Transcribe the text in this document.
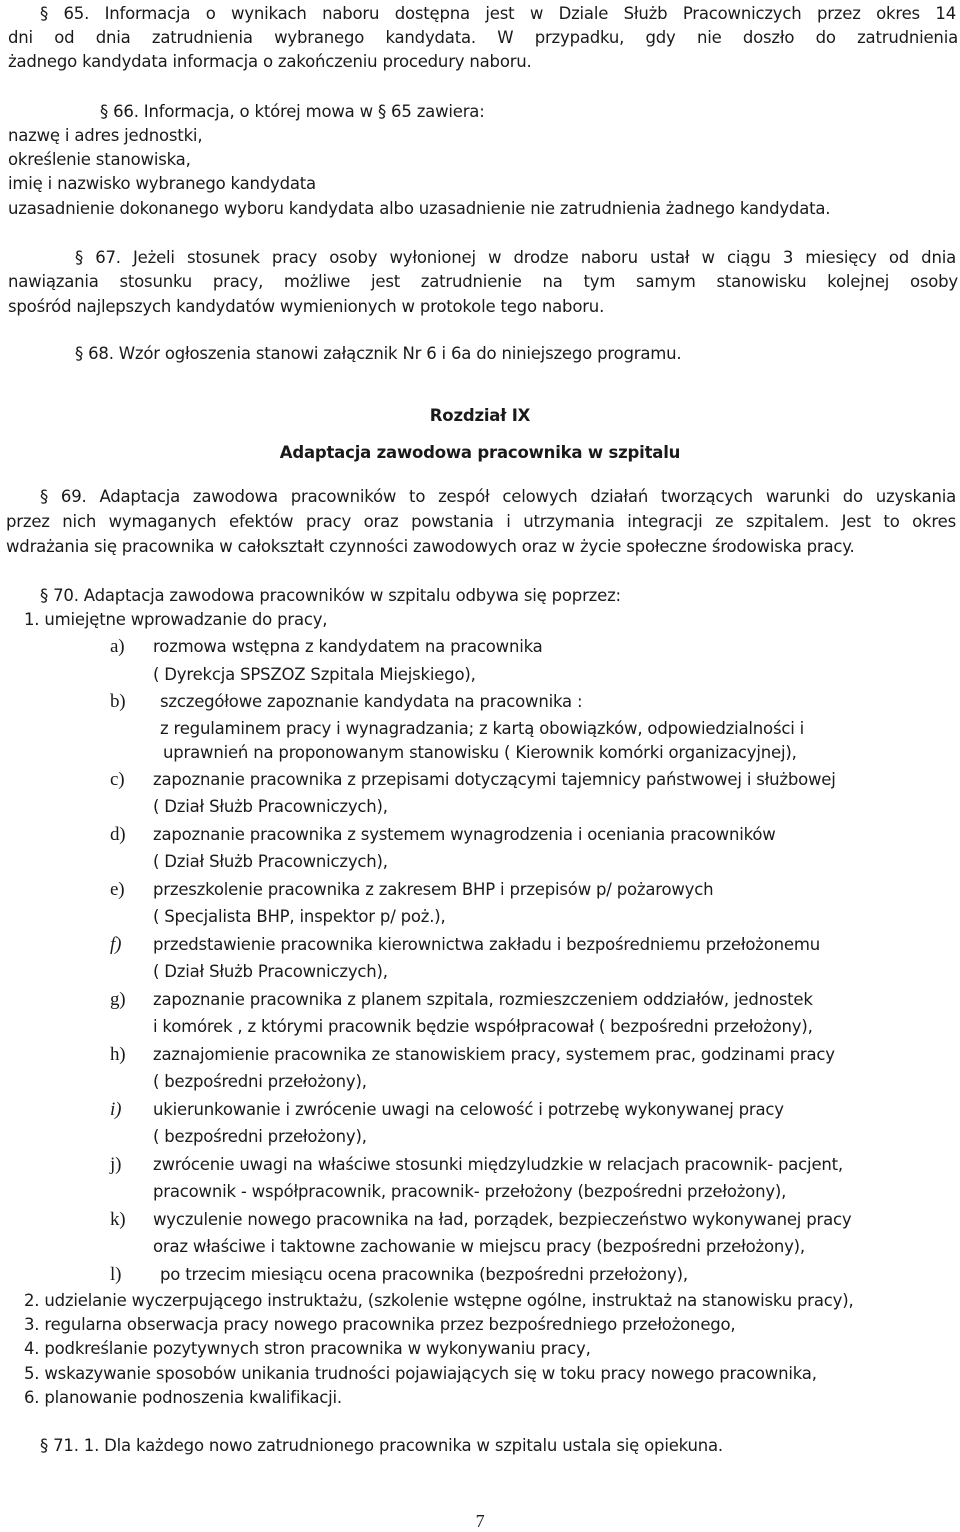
§ 65. Informacja o wynikach naboru dostępna jest w Dziale Służb Pracowniczych przez okres 14
dni od dnia zatrudnienia wybranego kandydata. W przypadku, gdy nie doszło do zatrudnienia
żadnego kandydata informacja o zakończeniu procedury naboru.
§ 66. Informacja, o której mowa w § 65 zawiera:
nazwę i adres jednostki,
określenie stanowiska,
imię i nazwisko wybranego kandydata
uzasadnienie dokonanego wyboru kandydata albo uzasadnienie nie zatrudnienia żadnego kandydata.
§ 67. Jeżeli stosunek pracy osoby wyłonionej w drodze naboru ustał w ciągu 3 miesięcy od dnia
nawiązania stosunku pracy, możliwe jest zatrudnienie na tym samym stanowisku kolejnej osoby
spośród najlepszych kandydatów wymienionych w protokole tego naboru.
§ 68. Wzór ogłoszenia stanowi załącznik Nr 6 i 6a do niniejszego programu.
Rozdział IX
Adaptacja zawodowa pracownika w szpitalu
§ 69. Adaptacja zawodowa pracowników to zespół celowych działań tworzących warunki do uzyskania
przez nich wymaganych efektów pracy oraz powstania i utrzymania integracji ze szpitalem. Jest to okres
wdrażania się pracownika w całokształt czynności zawodowych oraz w życie społeczne środowiska pracy.
§ 70. Adaptacja zawodowa pracowników w szpitalu odbywa się poprzez:
1. umiejętne wprowadzanie do pracy,
a) rozmowa wstępna z kandydatem na pracownika
( Dyrekcja SPSZOZ Szpitala Miejskiego),
b) szczegółowe zapoznanie kandydata na pracownika :
z regulaminem pracy i wynagradzania; z kartą obowiązków, odpowiedzialności i
uprawnień na proponowanym stanowisku ( Kierownik komórki organizacyjnej),
c) zapoznanie pracownika z przepisami dotyczącymi tajemnicy państwowej i służbowej
( Dział Służb Pracowniczych),
d) zapoznanie pracownika z systemem wynagrodzenia i oceniania pracowników
( Dział Służb Pracowniczych),
e) przeszkolenie pracownika z zakresem BHP i przepisów p/ pożarowych
( Specjalista BHP, inspektor p/ poż.),
f) przedstawienie pracownika kierownictwa zakładu i bezpośredniemu przełożonemu
( Dział Służb Pracowniczych),
g) zapoznanie pracownika z planem szpitala, rozmieszczeniem oddziałów, jednostek
i komórek , z którymi pracownik będzie współpracował ( bezpośredni przełożony),
h) zaznajomienie pracownika ze stanowiskiem pracy, systemem prac, godzinami pracy
( bezpośredni przełożony),
i) ukierunkowanie i zwrócenie uwagi na celowość i potrzebę wykonywanej pracy
( bezpośredni przełożony),
j) zwrócenie uwagi na właściwe stosunki międzyludzkie w relacjach pracownik- pacjent,
pracownik - współpracownik, pracownik- przełożony (bezpośredni przełożony),
k) wyczulenie nowego pracownika na ład, porządek, bezpieczeństwo wykonywanej pracy
oraz właściwe i taktowne zachowanie w miejscu pracy (bezpośredni przełożony),
l) po trzecim miesiącu ocena pracownika (bezpośredni przełożony),
2. udzielanie wyczerpującego instruktażu, (szkolenie wstępne ogólne, instruktaż na stanowisku pracy),
3. regularna obserwacja pracy nowego pracownika przez bezpośredniego przełożonego,
4. podkreślanie pozytywnych stron pracownika w wykonywaniu pracy,
5. wskazywanie sposobów unikania trudności pojawiających się w toku pracy nowego pracownika,
6. planowanie podnoszenia kwalifikacji.
§ 71. 1. Dla każdego nowo zatrudnionego pracownika w szpitalu ustala się opiekuna.
7
